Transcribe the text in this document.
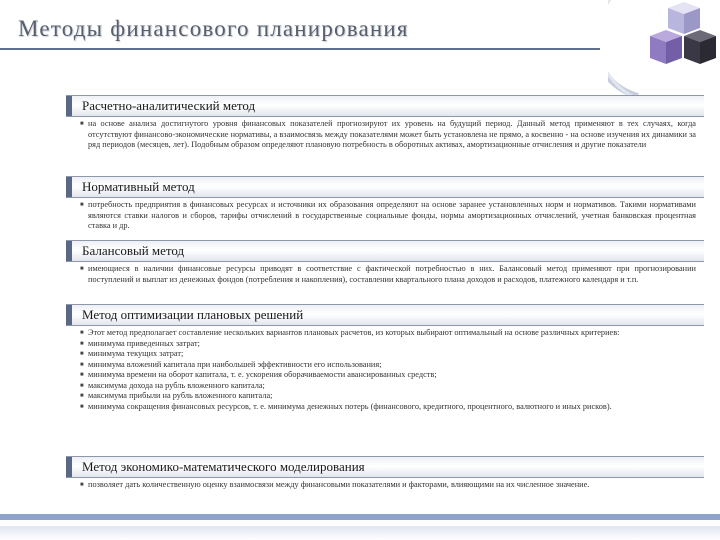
Методы финансового планирования
Расчетно-аналитический метод
■ на основе анализа достигнутого уровня финансовых показателей прогнозируют их уровень на будущий период. Данный метод применяют в тех случаях, когда отсутствуют финансово-экономические нормативы, а взаимосвязь между показателями может быть установлена не прямо, а косвенно - на основе изучения их динамики за ряд периодов (месяцев, лет). Подобным образом определяют плановую потребность в оборотных активах, амортизационные отчисления и другие показатели
Нормативный метод
■ потребность предприятия в финансовых ресурсах и источники их образования определяют на основе заранее установленных норм и нормативов. Такими нормативами являются ставки налогов и сборов, тарифы отчислений в государственные социальные фонды, нормы амортизационных отчислений, учетная банковская процентная ставка и др.
Балансовый метод
■ имеющиеся в наличии финансовые ресурсы приводят в соответствие с фактической потребностью в них. Балансовый метод применяют при прогнозировании поступлений и выплат из денежных фондов (потребления и накопления), составлении квартального плана доходов и расходов, платежного календаря и т.п.
Метод оптимизации плановых решений
■ Этот метод предполагает составление нескольких вариантов плановых расчетов, из которых выбирают оптимальный на основе различных критериев:
■ минимума приведенных затрат;
■ минимума текущих затрат;
■ минимума вложений капитала при наибольшей эффективности его использования;
■ минимума времени на оборот капитала, т. е. ускорения оборачиваемости авансированных средств;
■ максимума дохода на рубль вложенного капитала;
■ максимума прибыли на рубль вложенного капитала;
■ минимума сокращения финансовых ресурсов, т. е. минимума денежных потерь (финансового, кредитного, процентного, валютного и иных рисков).
Метод экономико-математического моделирования
■ позволяет дать количественную оценку взаимосвязи между финансовыми показателями и факторами, влияющими на их численное значение.
